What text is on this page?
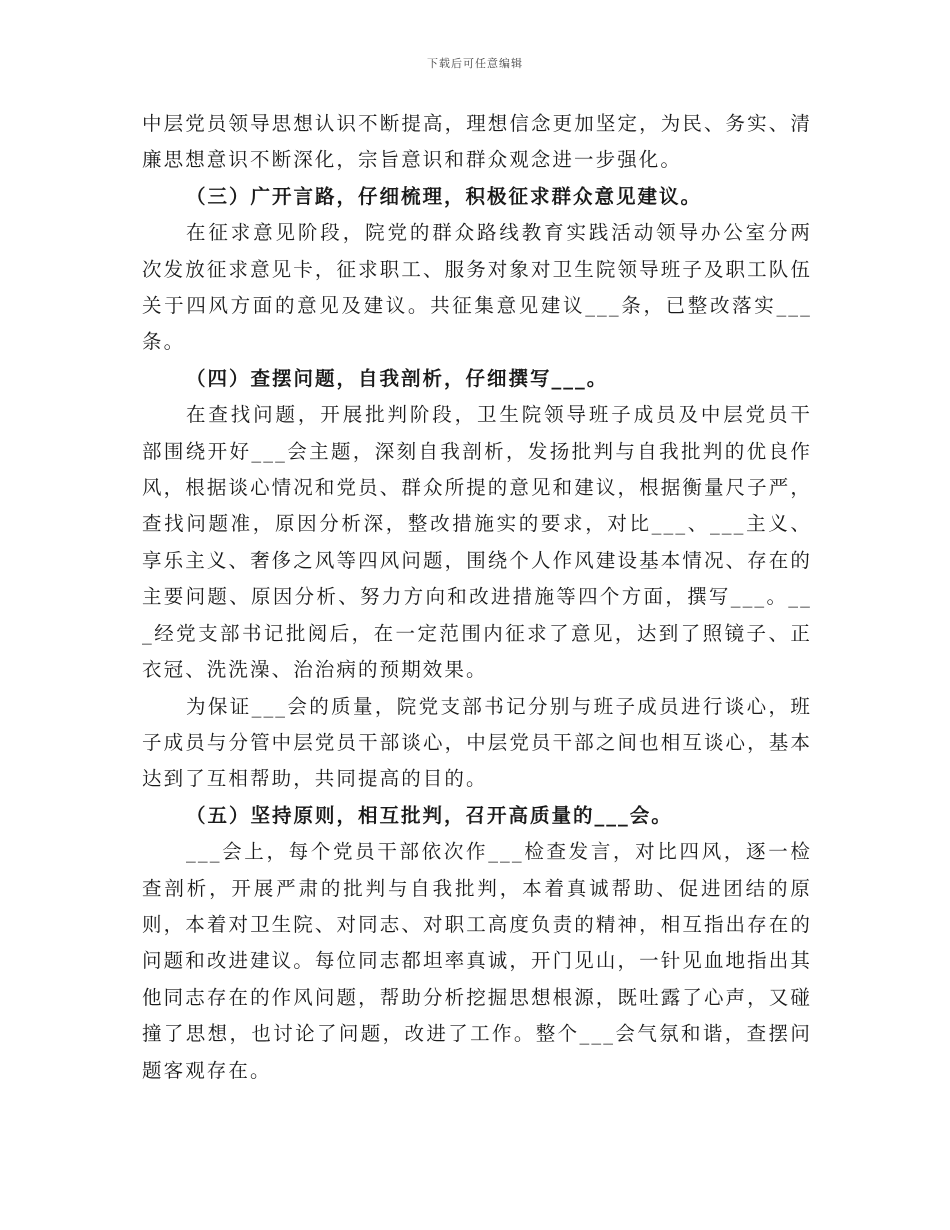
下载后可任意编辑

中层党员领导思想认识不断提高，理想信念更加坚定，为民、务实、清廉思想意识不断深化，宗旨意识和群众观念进一步强化。

（三）广开言路，仔细梳理，积极征求群众意见建议。

在征求意见阶段，院党的群众路线教育实践活动领导办公室分两次发放征求意见卡，征求职工、服务对象对卫生院领导班子及职工队伍关于四风方面的意见及建议。共征集意见建议___条，已整改落实___条。

（四）查摆问题，自我剖析，仔细撰写___。

在查找问题，开展批判阶段，卫生院领导班子成员及中层党员干部围绕开好___会主题，深刻自我剖析，发扬批判与自我批判的优良作风，根据谈心情况和党员、群众所提的意见和建议，根据衡量尺子严，查找问题准，原因分析深，整改措施实的要求，对比___、___主义、享乐主义、奢侈之风等四风问题，围绕个人作风建设基本情况、存在的主要问题、原因分析、努力方向和改进措施等四个方面，撰写___。___经党支部书记批阅后，在一定范围内征求了意见，达到了照镜子、正衣冠、洗洗澡、治治病的预期效果。

为保证___会的质量，院党支部书记分别与班子成员进行谈心，班子成员与分管中层党员干部谈心，中层党员干部之间也相互谈心，基本达到了互相帮助，共同提高的目的。

（五）坚持原则，相互批判，召开高质量的___会。

___会上，每个党员干部依次作___检查发言，对比四风，逐一检查剖析，开展严肃的批判与自我批判，本着真诚帮助、促进团结的原则，本着对卫生院、对同志、对职工高度负责的精神，相互指出存在的问题和改进建议。每位同志都坦率真诚，开门见山，一针见血地指出其他同志存在的作风问题，帮助分析挖掘思想根源，既吐露了心声，又碰撞了思想，也讨论了问题，改进了工作。整个___会气氛和谐，查摆问题客观存在。
